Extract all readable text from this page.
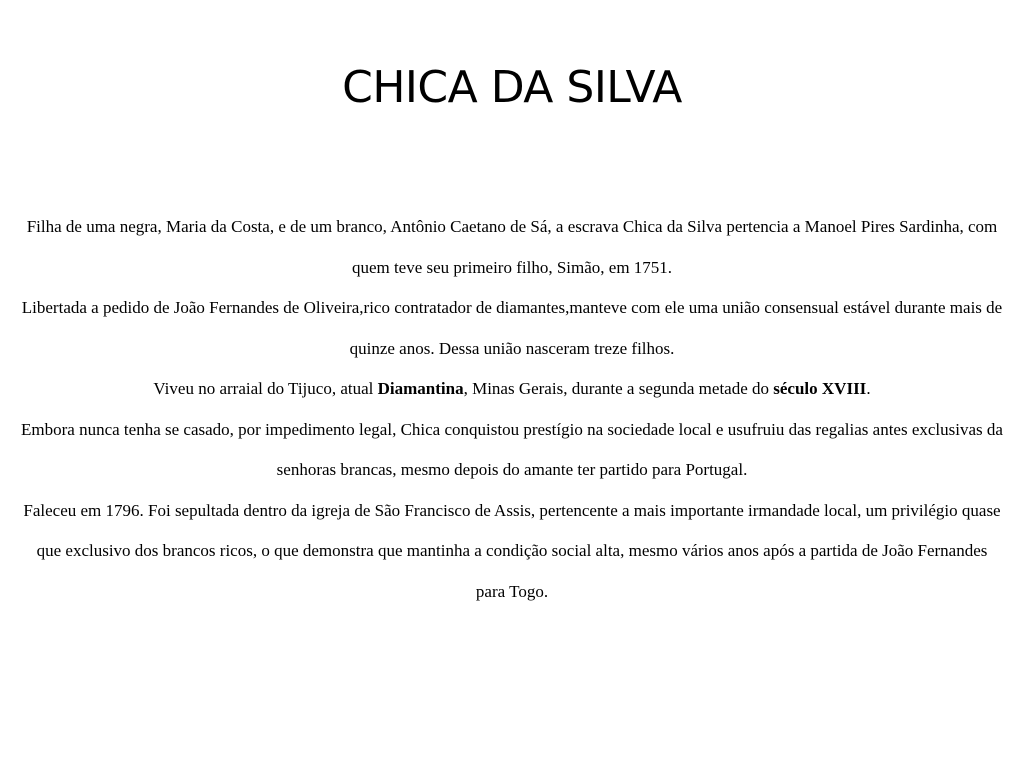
CHICA DA SILVA

Filha de uma negra, Maria da Costa, e de um branco, Antônio Caetano de Sá, a escrava Chica da Silva pertencia a Manoel Pires Sardinha, com quem teve seu primeiro filho, Simão, em 1751.

Libertada a pedido de João Fernandes de Oliveira,rico contratador de diamantes,manteve com ele uma união consensual estável durante mais de quinze anos. Dessa união nasceram treze filhos.

Viveu no arraial do Tijuco, atual Diamantina, Minas Gerais, durante a segunda metade do século XVIII.

Embora nunca tenha se casado, por impedimento legal, Chica conquistou prestígio na sociedade local e usufruiu das regalias antes exclusivas da senhoras brancas, mesmo depois do amante ter partido para Portugal.

Faleceu em 1796. Foi sepultada dentro da igreja de São Francisco de Assis, pertencente a mais importante irmandade local, um privilégio quase que exclusivo dos brancos ricos, o que demonstra que mantinha a condição social alta, mesmo vários anos após a partida de João Fernandes para Togo.
